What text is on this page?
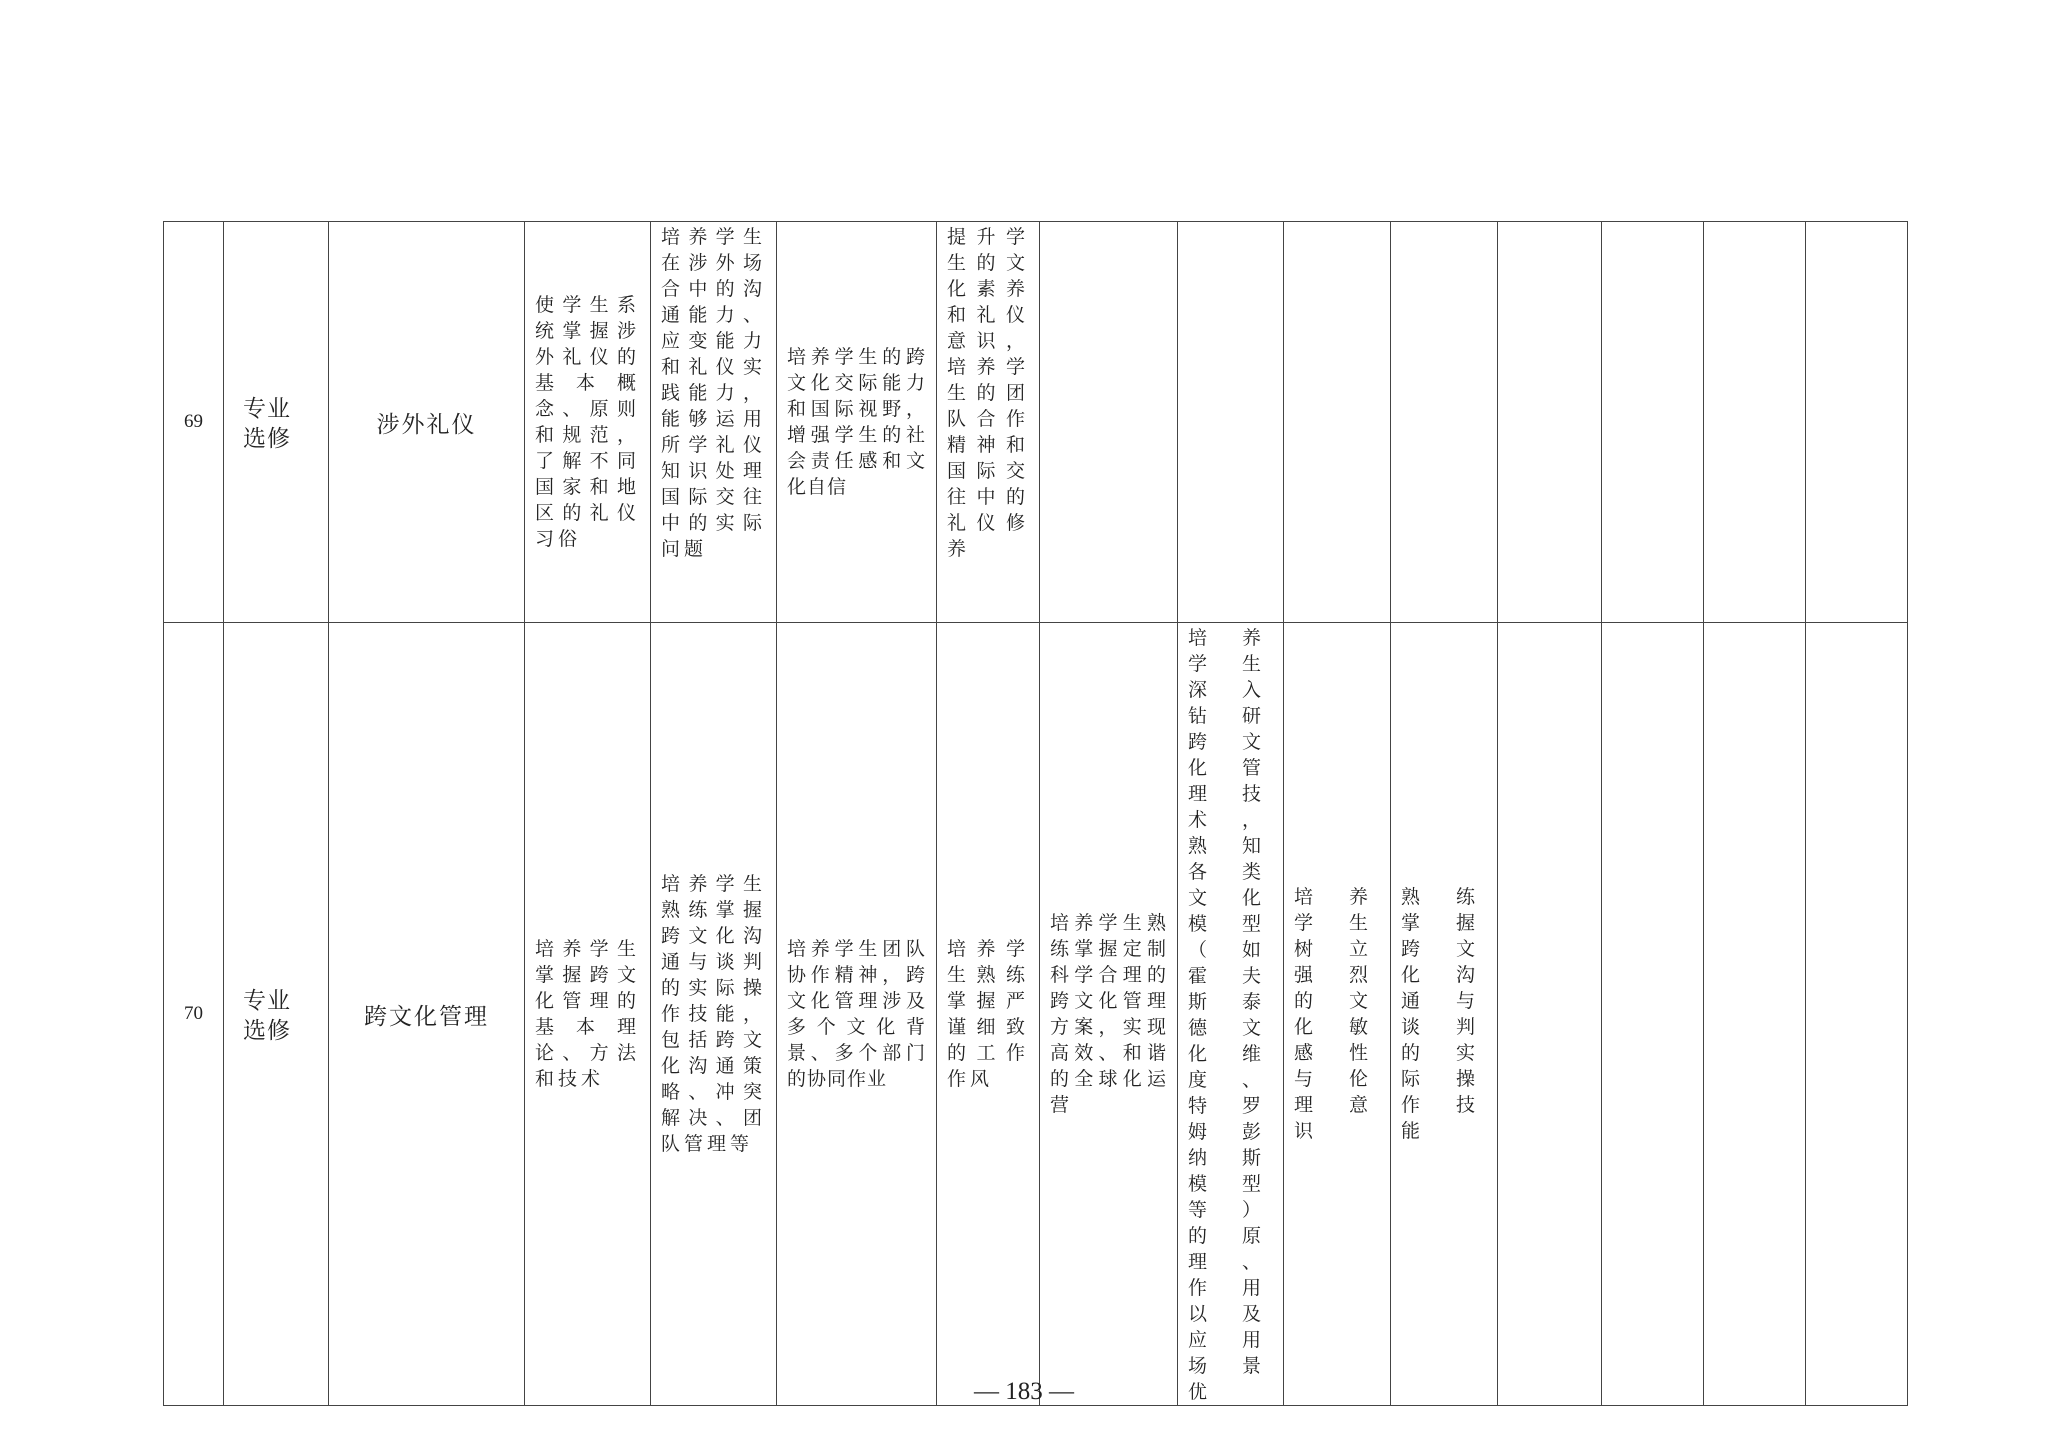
69	专业选修	涉外礼仪	使学生系统掌握涉外礼仪的基本概念、原则和规范，了解不同国家和地区的礼仪习俗	培养学生在涉外场合中的沟通能力、应变能力和礼仪实践能力，能够运用所学礼仪知识处理国际交往中的实际问题	培养学生的跨文化交际能力和国际视野，增强学生的社会责任感和文化自信	提升学生的文化素养和礼仪意识，培养学生的团队合作精神和国际交往中的礼仪修养								

70	专业选修	跨文化管理	培养学生掌握跨文化管理的基本理论、方法和技术	培养学生熟练掌握跨文化沟通与谈判的实际操作技能，包括跨文化沟通策略、冲突解决、团队管理等	培养学生团队协作精神，跨文化管理涉及多个文化背景、多个部门的协同作业	培养学生熟练掌握严谨细致的工作作风	培养学生熟练掌握定制科学合理的跨文化管理方案，实现高效、和谐的全球化运营	培养学生深入钻研跨文化管理技术，熟知各类文化模型（如霍夫斯泰德文化维度、特罗姆彭纳斯模型等）的原理、作用以及应用场景优	培养学生树立强烈的文化敏感性与伦理意识	熟练掌握跨文化沟通与谈判的实际操作技能				

— 183 —
